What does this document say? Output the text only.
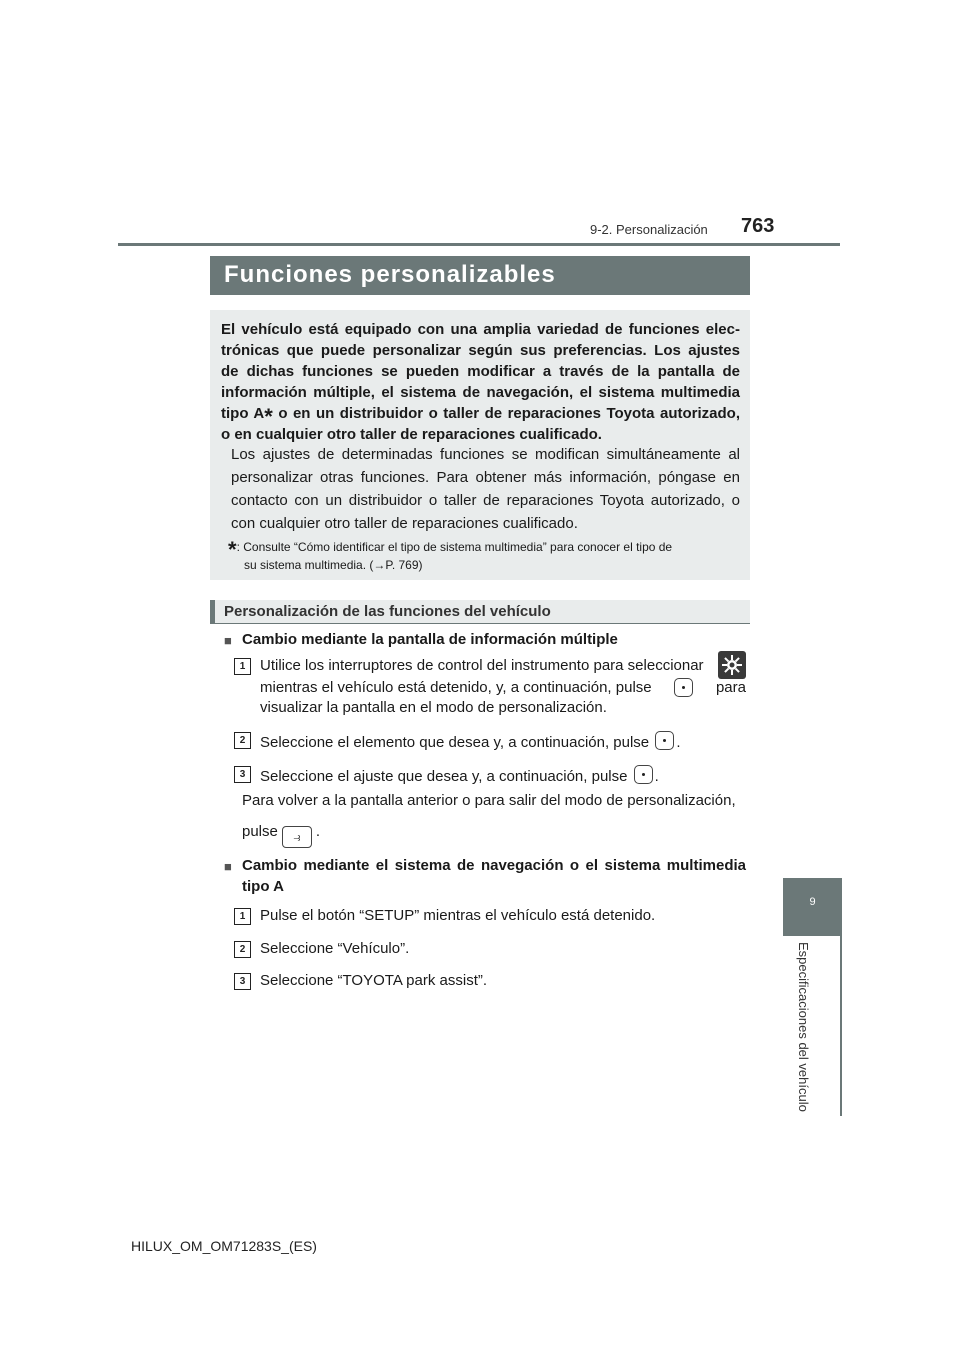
9-2. Personalización 763
9
Especificaciones del vehículo
Funciones personalizables
El vehículo está equipado con una amplia variedad de funciones elec-
trónicas que puede personalizar según sus preferencias. Los ajustes
de dichas funciones se pueden modificar a través de la pantalla de
información múltiple, el sistema de navegación, el sistema multimedia
tipo A* o en un distribuidor o taller de reparaciones Toyota autorizado,
o en cualquier otro taller de reparaciones cualificado.
Los ajustes de determinadas funciones se modifican simultáneamente al
personalizar otras funciones. Para obtener más información, póngase en
contacto con un distribuidor o taller de reparaciones Toyota autorizado, o
con cualquier otro taller de reparaciones cualificado.
*: Consulte “Cómo identificar el tipo de sistema multimedia” para conocer el tipo de
su sistema multimedia. (→P. 769)
Personalización de las funciones del vehículo
■ Cambio mediante la pantalla de información múltiple
1 Utilice los interruptores de control del instrumento para seleccionar
mientras el vehículo está detenido, y, a continuación, pulse	para
visualizar la pantalla en el modo de personalización.
2 Seleccione el elemento que desea y, a continuación, pulse .
3 Seleccione el ajuste que desea y, a continuación, pulse .
Para volver a la pantalla anterior o para salir del modo de personalización,
pulse ⥽ .
■ Cambio mediante el sistema de navegación o el sistema multimedia
tipo A
1 Pulse el botón “SETUP” mientras el vehículo está detenido.
2 Seleccione “Vehículo”.
3 Seleccione “TOYOTA park assist”.
HILUX_OM_OM71283S_(ES)
